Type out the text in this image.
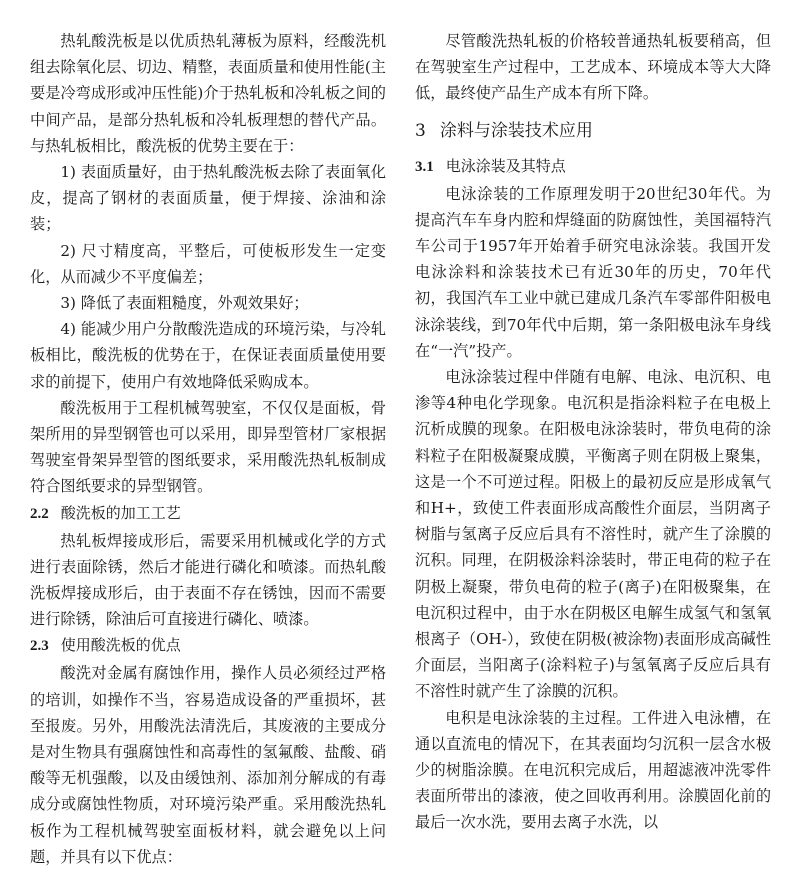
热轧酸洗板是以优质热轧薄板为原料，经酸洗机组去除氧化层、切边、精整，表面质量和使用性能(主要是冷弯成形或冲压性能)介于热轧板和冷轧板之间的中间产品，是部分热轧板和冷轧板理想的替代产品。与热轧板相比，酸洗板的优势主要在于：

1) 表面质量好，由于热轧酸洗板去除了表面氧化皮，提高了钢材的表面质量，便于焊接、涂油和涂装；

2) 尺寸精度高，平整后，可使板形发生一定变化，从而减少不平度偏差；

3) 降低了表面粗糙度，外观效果好；

4) 能减少用户分散酸洗造成的环境污染，与冷轧板相比，酸洗板的优势在于，在保证表面质量使用要求的前提下，使用户有效地降低采购成本。

酸洗板用于工程机械驾驶室，不仅仅是面板，骨架所用的异型钢管也可以采用，即异型管材厂家根据驾驶室骨架异型管的图纸要求，采用酸洗热轧板制成符合图纸要求的异型钢管。

2.2 酸洗板的加工工艺

热轧板焊接成形后，需要采用机械或化学的方式进行表面除锈，然后才能进行磷化和喷漆。而热轧酸洗板焊接成形后，由于表面不存在锈蚀，因而不需要进行除锈，除油后可直接进行磷化、喷漆。

2.3 使用酸洗板的优点

酸洗对金属有腐蚀作用，操作人员必须经过严格的培训，如操作不当，容易造成设备的严重损坏，甚至报废。另外，用酸洗法清洗后，其废液的主要成分是对生物具有强腐蚀性和高毒性的氢氟酸、盐酸、硝酸等无机强酸，以及由缓蚀剂、添加剂分解成的有毒成分或腐蚀性物质，对环境污染严重。采用酸洗热轧板作为工程机械驾驶室面板材料，就会避免以上问题，并具有以下优点：

尽管酸洗热轧板的价格较普通热轧板要稍高，但在驾驶室生产过程中，工艺成本、环境成本等大大降低，最终使产品生产成本有所下降。

3 涂料与涂装技术应用
3.1 电泳涂装及其特点

电泳涂装的工作原理发明于20世纪30年代。为提高汽车车身内腔和焊缝面的防腐蚀性，美国福特汽车公司于1957年开始着手研究电泳涂装。我国开发电泳涂料和涂装技术已有近30年的历史，70年代初，我国汽车工业中就已建成几条汽车零部件阳极电泳涂装线，到70年代中后期，第一条阳极电泳车身线在“一汽”投产。

电泳涂装过程中伴随有电解、电泳、电沉积、电渗等4种电化学现象。电沉积是指涂料粒子在电极上沉析成膜的现象。在阳极电泳涂装时，带负电荷的涂料粒子在阳极凝聚成膜，平衡离子则在阴极上聚集，这是一个不可逆过程。阳极上的最初反应是形成氧气和H+，致使工件表面形成高酸性介面层，当阴离子树脂与氢离子反应后具有不溶性时，就产生了涂膜的沉积。同理，在阴极涂料涂装时，带正电荷的粒子在阴极上凝聚，带负电荷的粒子(离子)在阳极聚集，在电沉积过程中，由于水在阴极区电解生成氢气和氢氧根离子（OH-），致使在阴极(被涂物)表面形成高碱性介面层，当阳离子(涂料粒子)与氢氧离子反应后具有不溶性时就产生了涂膜的沉积。

电积是电泳涂装的主过程。工件进入电泳槽，在通以直流电的情况下，在其表面均匀沉积一层含水极少的树脂涂膜。在电沉积完成后，用超滤液冲洗零件表面所带出的漆液，使之回收再利用。涂膜固化前的最后一次水洗，要用去离子水洗，以
